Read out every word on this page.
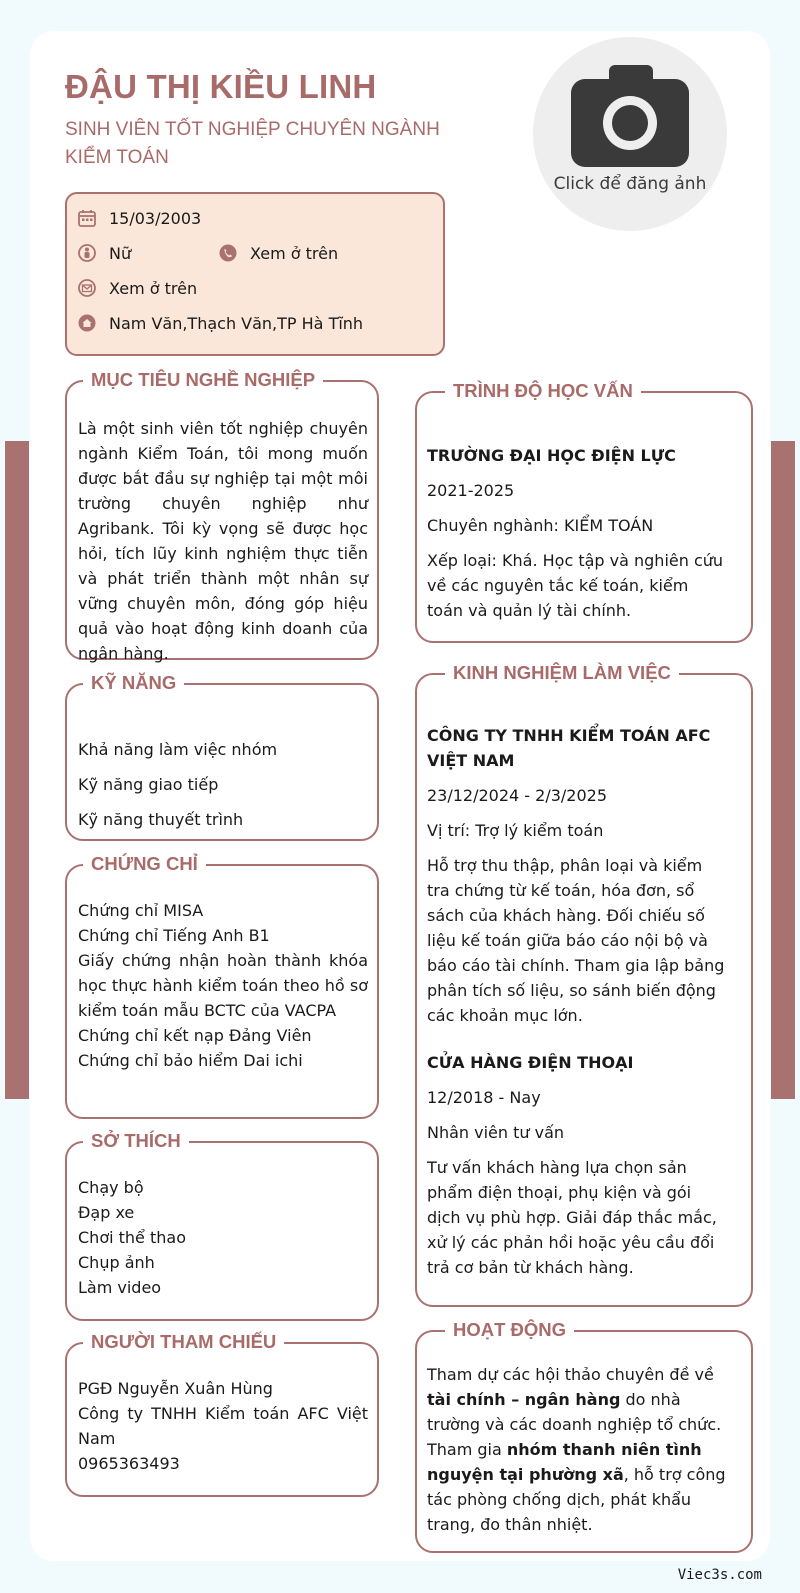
ĐẬU THỊ KIỀU LINH
SINH VIÊN TỐT NGHIỆP CHUYÊN NGÀNH KIỂM TOÁN
Click để đăng ảnh
15/03/2003
Nữ	Xem ở trên
Xem ở trên
Nam Văn,Thạch Văn,TP Hà Tĩnh
MỤC TIÊU NGHỀ NGHIỆP
Là một sinh viên tốt nghiệp chuyên ngành Kiểm Toán, tôi mong muốn được bắt đầu sự nghiệp tại một môi trường chuyên nghiệp như Agribank. Tôi kỳ vọng sẽ được học hỏi, tích lũy kinh nghiệm thực tiễn và phát triển thành một nhân sự vững chuyên môn, đóng góp hiệu quả vào hoạt động kinh doanh của ngân hàng.
KỸ NĂNG
Khả năng làm việc nhóm
Kỹ năng giao tiếp
Kỹ năng thuyết trình
CHỨNG CHỈ
Chứng chỉ MISA
Chứng chỉ Tiếng Anh B1
Giấy chứng nhận hoàn thành khóa học thực hành kiểm toán theo hồ sơ kiểm toán mẫu BCTC của VACPA
Chứng chỉ kết nạp Đảng Viên
Chứng chỉ bảo hiểm Dai ichi
SỞ THÍCH
Chạy bộ
Đạp xe
Chơi thể thao
Chụp ảnh
Làm video
NGƯỜI THAM CHIẾU
PGĐ Nguyễn Xuân Hùng
Công ty TNHH Kiểm toán AFC Việt Nam
0965363493
TRÌNH ĐỘ HỌC VẤN
TRƯỜNG ĐẠI HỌC ĐIỆN LỰC
2021-2025
Chuyên nghành: KIỂM TOÁN
Xếp loại: Khá. Học tập và nghiên cứu về các nguyên tắc kế toán, kiểm toán và quản lý tài chính.
KINH NGHIỆM LÀM VIỆC
CÔNG TY TNHH KIỂM TOÁN AFC VIỆT NAM
23/12/2024 - 2/3/2025
Vị trí: Trợ lý kiểm toán
Hỗ trợ thu thập, phân loại và kiểm tra chứng từ kế toán, hóa đơn, sổ sách của khách hàng. Đối chiếu số liệu kế toán giữa báo cáo nội bộ và báo cáo tài chính. Tham gia lập bảng phân tích số liệu, so sánh biến động các khoản mục lớn.
CỬA HÀNG ĐIỆN THOẠI
12/2018 - Nay
Nhân viên tư vấn
Tư vấn khách hàng lựa chọn sản phẩm điện thoại, phụ kiện và gói dịch vụ phù hợp. Giải đáp thắc mắc, xử lý các phản hồi hoặc yêu cầu đổi trả cơ bản từ khách hàng.
HOẠT ĐỘNG
Tham dự các hội thảo chuyên đề về tài chính – ngân hàng do nhà trường và các doanh nghiệp tổ chức.
Tham gia nhóm thanh niên tình nguyện tại phường xã, hỗ trợ công tác phòng chống dịch, phát khẩu trang, đo thân nhiệt.
Viec3s.com
